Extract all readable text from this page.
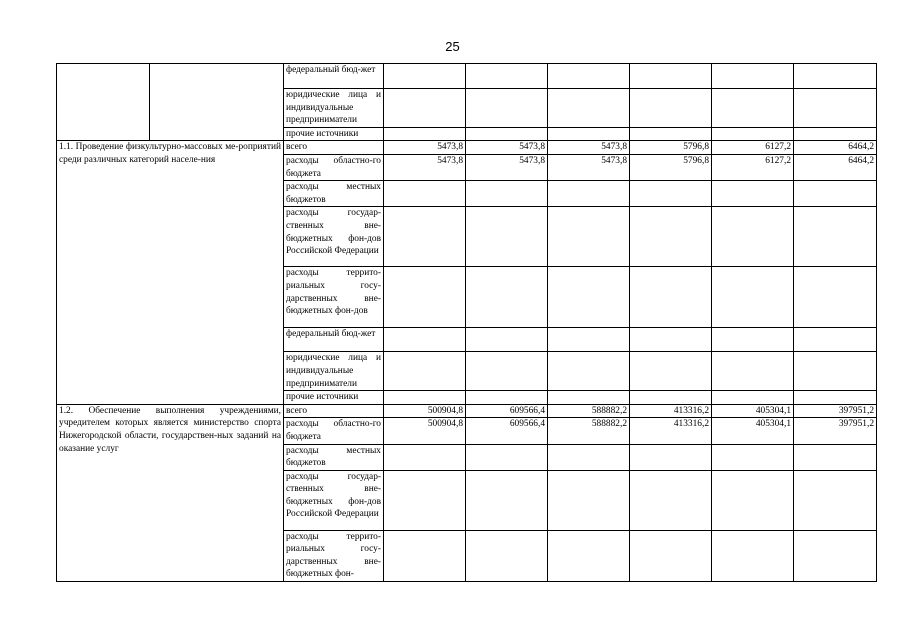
25
		федеральный бюд-жет						
		юридические лица и индивидуальные предприниматели						
		прочие источники						
1.1. Проведение физкультурно-массовых ме-роприятий среди различных категорий населе-ния		всего	5473,8	5473,8	5473,8	5796,8	6127,2	6464,2
		расходы областно-го бюджета	5473,8	5473,8	5473,8	5796,8	6127,2	6464,2
		расходы местных бюджетов						
		расходы государ-ственных вне-бюджетных фон-дов Российской Федерации						
		расходы террито-риальных госу-дарственных вне-бюджетных фон-дов						
		федеральный бюд-жет						
		юридические лица и индивидуальные предприниматели						
		прочие источники						
1.2. Обеспечение выполнения учреждениями, учредителем которых является министерство спорта Нижегородской области, государствен-ных заданий на оказание услуг		всего	500904,8	609566,4	588882,2	413316,2	405304,1	397951,2
		расходы областно-го бюджета	500904,8	609566,4	588882,2	413316,2	405304,1	397951,2
		расходы местных бюджетов						
		расходы государ-ственных вне-бюджетных фон-дов Российской Федерации						
		расходы террито-риальных госу-дарственных вне-бюджетных фон-						
